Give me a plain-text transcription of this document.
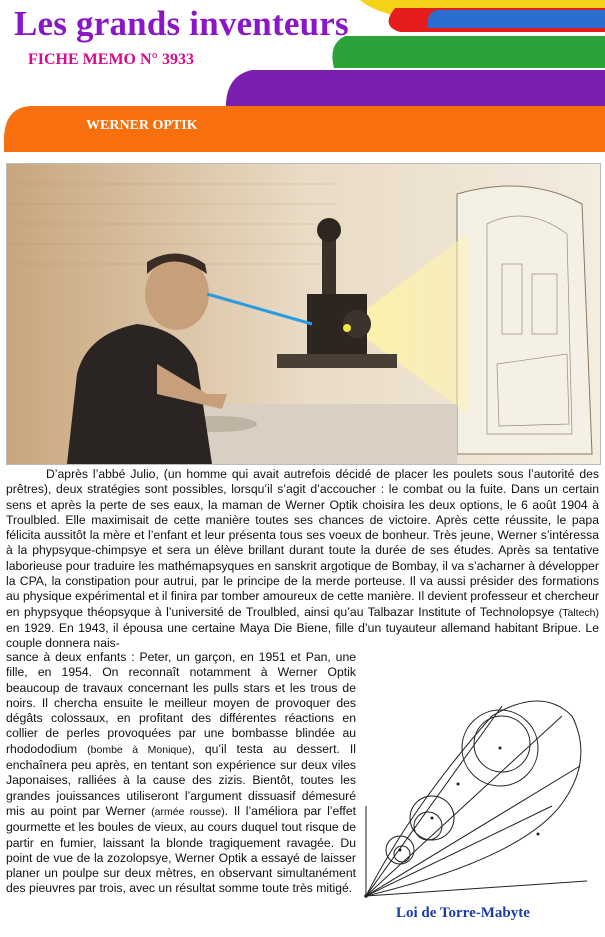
Les grands inventeurs
FICHE MEMO N° 3933
WERNER OPTIK

D’après l’abbé Julio, (un homme qui avait autrefois décidé de placer les poulets sous l’autorité des prêtres), deux stratégies sont possibles, lorsqu’il s’agit d’accoucher : le combat ou la fuite. Dans un certain sens et après la perte de ses eaux, la maman de Werner Optik choisira les deux options, le 6 août 1904 à Troulbled. Elle maximisait de cette manière toutes ses chances de victoire. Après cette réussite, le papa félicita aussitôt la mère et l’enfant et leur présenta tous ses voeux de bonheur. Très jeune, Werner s’intéressa à la phypsyque-chimpsye et sera un élève brillant durant toute la durée de ses études. Après sa tentative laborieuse pour traduire les mathémapsyques en sanskrit argotique de Bombay, il va s’acharner à développer la CPA, la constipation pour autrui, par le principe de la merde porteuse. Il va aussi présider des formations au physique expérimental et il finira par tomber amoureux de cette manière. Il devient professeur et chercheur en phypsyque théopsyque à l’université de Troulbled, ainsi qu’au Talbazar Institute of Technolopsye (Taltech) en 1929. En 1943, il épousa une certaine Maya Die Biene, fille d’un tuyauteur allemand habitant Bripue. Le couple donnera nais-

sance à deux enfants : Peter, un garçon, en 1951 et Pan, une fille, en 1954. On reconnaît notamment à Werner Optik beaucoup de travaux concernant les pulls stars et les trous de noirs. Il chercha ensuite le meilleur moyen de provoquer des dégâts colossaux, en profitant des différentes réactions en collier de perles provoquées par une bombasse blindée au rhodododium (bombe à Monique), qu’il testa au dessert. Il enchaînera peu après, en tentant son expérience sur deux viles Japonaises, ralliées à la cause des zizis. Bientôt, toutes les grandes jouissances utiliseront l’argument dissuasif démesuré mis au point par Werner (armée rousse). Il l’améliora par l’effet gourmette et les boules de vieux, au cours duquel tout risque de partir en fumier, laissant la blonde tragiquement ravagée. Du point de vue de la zozolopsye, Werner Optik a essayé de laisser planer un poulpe sur deux mètres, en observant simultanément des pieuvres par trois, avec un résultat somme toute très mitigé.

Loi de Torre-Mabyte
